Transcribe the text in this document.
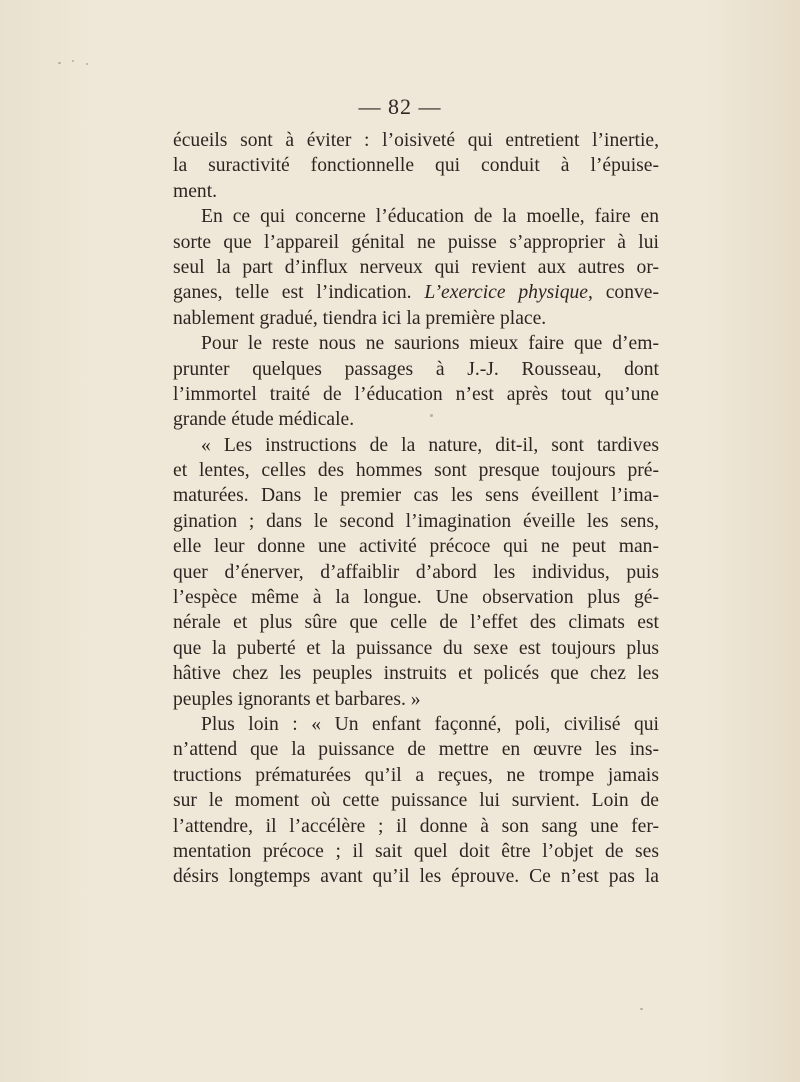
— 82 —
écueils sont à éviter : l’oisiveté qui entretient l’inertie,
la suractivité fonctionnelle qui conduit à l’épuise-
ment.
En ce qui concerne l’éducation de la moelle, faire en
sorte que l’appareil génital ne puisse s’approprier à lui
seul la part d’influx nerveux qui revient aux autres or-
ganes, telle est l’indication. L’exercice physique, conve-
nablement gradué, tiendra ici la première place.
Pour le reste nous ne saurions mieux faire que d’em-
prunter quelques passages à J.-J. Rousseau, dont
l’immortel traité de l’éducation n’est après tout qu’une
grande étude médicale.
« Les instructions de la nature, dit-il, sont tardives
et lentes, celles des hommes sont presque toujours pré-
maturées. Dans le premier cas les sens éveillent l’ima-
gination ; dans le second l’imagination éveille les sens,
elle leur donne une activité précoce qui ne peut man-
quer d’énerver, d’affaiblir d’abord les individus, puis
l’espèce même à la longue. Une observation plus gé-
nérale et plus sûre que celle de l’effet des climats est
que la puberté et la puissance du sexe est toujours plus
hâtive chez les peuples instruits et policés que chez les
peuples ignorants et barbares. »
Plus loin : « Un enfant façonné, poli, civilisé qui
n’attend que la puissance de mettre en œuvre les ins-
tructions prématurées qu’il a reçues, ne trompe jamais
sur le moment où cette puissance lui survient. Loin de
l’attendre, il l’accélère ; il donne à son sang une fer-
mentation précoce ; il sait quel doit être l’objet de ses
désirs longtemps avant qu’il les éprouve. Ce n’est pas la
